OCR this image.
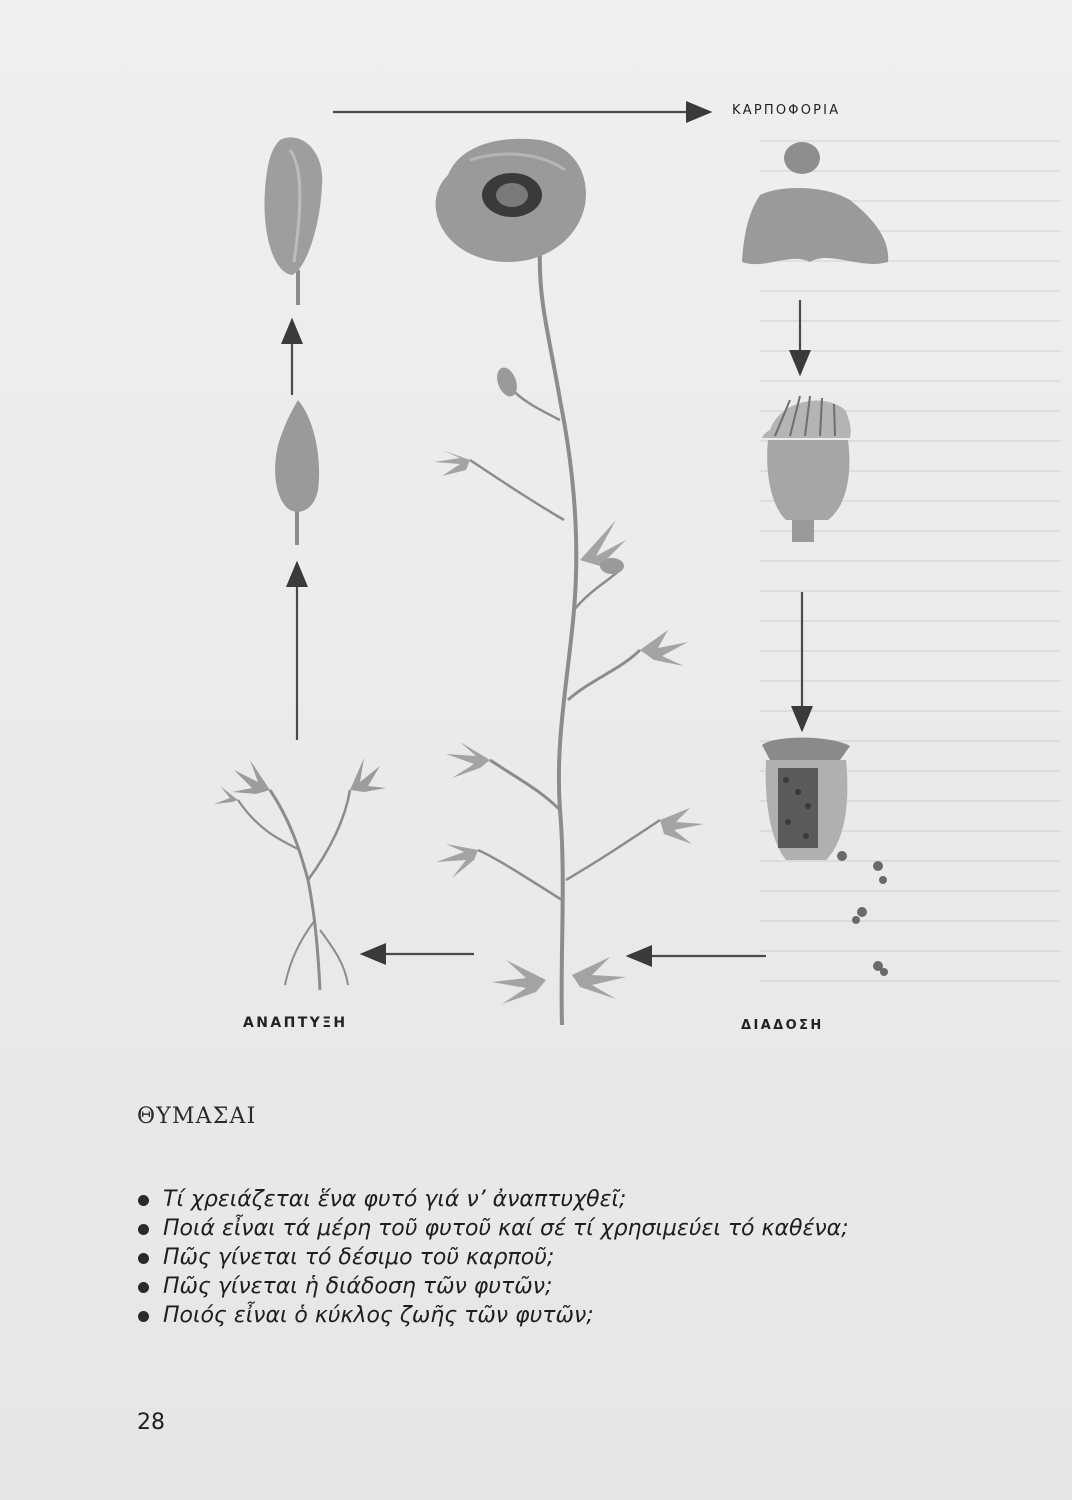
ΚΑΡΠΟΦΟΡΙΑ
ΑΝΑΠΤΥΞΗ	ΔΙΑΔΟΣΗ
ΘΥΜΑΣΑΙ
Τί χρειάζεται ἕνα φυτό γιά ν’ ἀναπτυχθεῖ;
Ποιά εἶναι τά μέρη τοῦ φυτοῦ καί σέ τί χρησιμεύει τό καθένα;
Πῶς γίνεται τό δέσιμο τοῦ καρποῦ;
Πῶς γίνεται ἡ διάδοση τῶν φυτῶν;
Ποιός εἶναι ὁ κύκλος ζωῆς τῶν φυτῶν;
28
